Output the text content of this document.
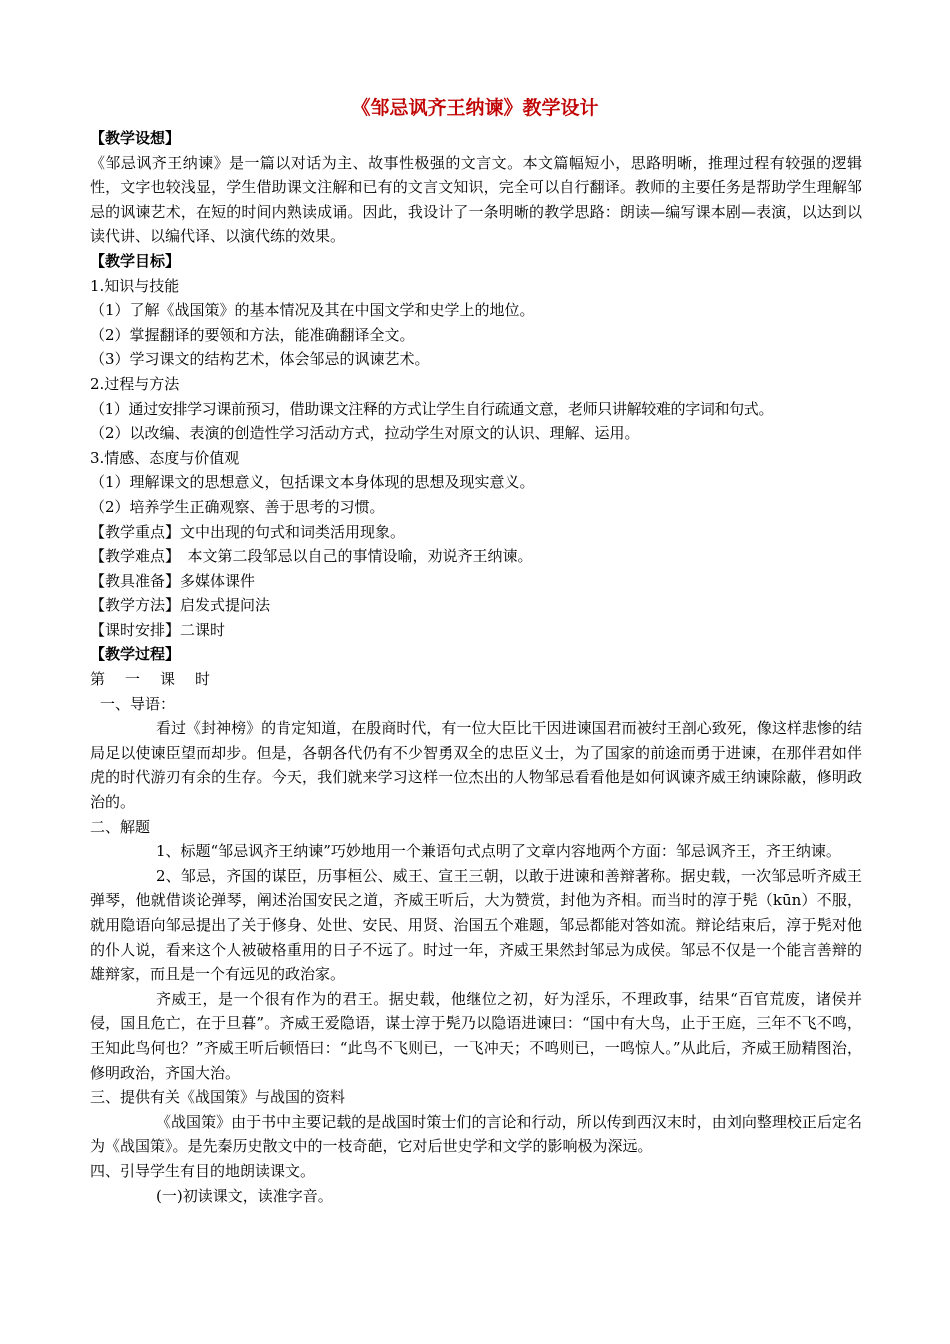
《邹忌讽齐王纳谏》教学设计

【教学设想】

《邹忌讽齐王纳谏》是一篇以对话为主、故事性极强的文言文。本文篇幅短小，思路明晰，推理过程有较强的逻辑性，文字也较浅显，学生借助课文注解和已有的文言文知识，完全可以自行翻译。教师的主要任务是帮助学生理解邹忌的讽谏艺术，在短的时间内熟读成诵。因此，我设计了一条明晰的教学思路：朗读—编写课本剧—表演，以达到以读代讲、以编代译、以演代练的效果。

【教学目标】

1.知识与技能

（1）了解《战国策》的基本情况及其在中国文学和史学上的地位。

（2）掌握翻译的要领和方法，能准确翻译全文。

（3）学习课文的结构艺术，体会邹忌的讽谏艺术。

2.过程与方法

（1）通过安排学习课前预习，借助课文注释的方式让学生自行疏通文意，老师只讲解较难的字词和句式。

（2）以改编、表演的创造性学习活动方式，拉动学生对原文的认识、理解、运用。

3.情感、态度与价值观

（1）理解课文的思想意义，包括课文本身体现的思想及现实意义。

（2）培养学生正确观察、善于思考的习惯。

【教学重点】文中出现的句式和词类活用现象。

【教学难点】　本文第二段邹忌以自己的事情设喻，劝说齐王纳谏。

【教具准备】多媒体课件

【教学方法】启发式提问法

【课时安排】二课时

【教学过程】

第一课时

一、导语：

看过《封神榜》的肯定知道，在殷商时代，有一位大臣比干因进谏国君而被纣王剖心致死，像这样悲惨的结局足以使谏臣望而却步。但是，各朝各代仍有不少智勇双全的忠臣义士，为了国家的前途而勇于进谏，在那伴君如伴虎的时代游刃有余的生存。今天，我们就来学习这样一位杰出的人物邹忌看看他是如何讽谏齐威王纳谏除蔽，修明政治的。

二、解题

1、标题“邹忌讽齐王纳谏”巧妙地用一个兼语句式点明了文章内容地两个方面：邹忌讽齐王，齐王纳谏。

2、邹忌，齐国的谋臣，历事桓公、威王、宣王三朝，以敢于进谏和善辩著称。据史载，一次邹忌听齐威王弹琴，他就借谈论弹琴，阐述治国安民之道，齐威王听后，大为赞赏，封他为齐相。而当时的淳于髡（kūn）不服，就用隐语向邹忌提出了关于修身、处世、安民、用贤、治国五个难题，邹忌都能对答如流。辩论结束后，淳于髡对他的仆人说，看来这个人被破格重用的日子不远了。时过一年，齐威王果然封邹忌为成侯。邹忌不仅是一个能言善辩的雄辩家，而且是一个有远见的政治家。

齐威王，是一个很有作为的君王。据史载，他继位之初，好为淫乐，不理政事，结果“百官荒废，诸侯并侵，国且危亡，在于旦暮”。齐威王爱隐语，谋士淳于髡乃以隐语进谏曰：“国中有大鸟，止于王庭，三年不飞不鸣，王知此鸟何也？”齐威王听后顿悟曰：“此鸟不飞则已，一飞冲天；不鸣则已，一鸣惊人。”从此后，齐威王励精图治，修明政治，齐国大治。

三、提供有关《战国策》与战国的资料

《战国策》由于书中主要记载的是战国时策士们的言论和行动，所以传到西汉末时，由刘向整理校正后定名为《战国策》。是先秦历史散文中的一枝奇葩，它对后世史学和文学的影响极为深远。

四、引导学生有目的地朗读课文。

(一)初读课文，读准字音。
